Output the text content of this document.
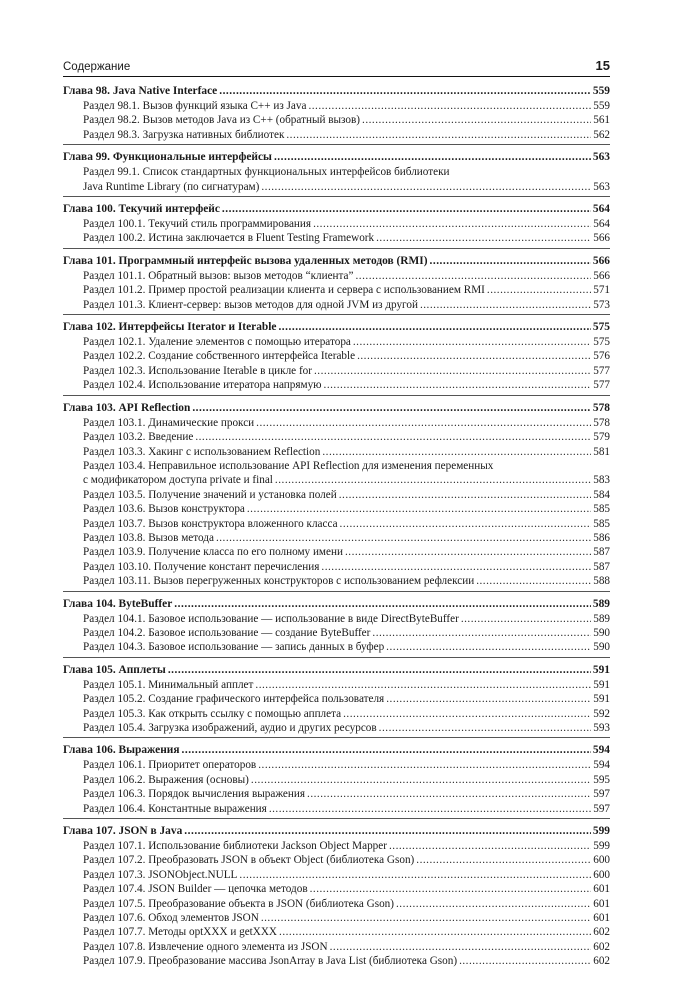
Содержание	15
Глава 98. Java Native Interface .....	559
Раздел 98.1. Вызов функций языка C++ из Java .....	559
Раздел 98.2. Вызов методов Java из C++ (обратный вызов) .....	561
Раздел 98.3. Загрузка нативных библиотек .....	562
Глава 99. Функциональные интерфейсы .....	563
Раздел 99.1. Список стандартных функциональных интерфейсов библиотеки
Java Runtime Library (по сигнатурам) .....	563
Глава 100. Текучий интерфейс .....	564
Раздел 100.1. Текучий стиль программирования .....	564
Раздел 100.2. Истина заключается в Fluent Testing Framework .....	566
Глава 101. Программный интерфейс вызова удаленных методов (RMI) .....	566
Раздел 101.1. Обратный вызов: вызов методов “клиента” .....	566
Раздел 101.2. Пример простой реализации клиента и сервера с использованием RMI .....	571
Раздел 101.3. Клиент-сервер: вызов методов для одной JVM из другой .....	573
Глава 102. Интерфейсы Iterator и Iterable .....	575
Раздел 102.1. Удаление элементов с помощью итератора .....	575
Раздел 102.2. Создание собственного интерфейса Iterable .....	576
Раздел 102.3. Использование Iterable в цикле for .....	577
Раздел 102.4. Использование итератора напрямую .....	577
Глава 103. API Reflection .....	578
Раздел 103.1. Динамические прокси .....	578
Раздел 103.2. Введение .....	579
Раздел 103.3. Хакинг с использованием Reflection .....	581
Раздел 103.4. Неправильное использование API Reflection для изменения переменных
с модификатором доступа private и final .....	583
Раздел 103.5. Получение значений и установка полей .....	584
Раздел 103.6. Вызов конструктора .....	585
Раздел 103.7. Вызов конструктора вложенного класса .....	585
Раздел 103.8. Вызов метода .....	586
Раздел 103.9. Получение класса по его полному имени .....	587
Раздел 103.10. Получение констант перечисления .....	587
Раздел 103.11. Вызов перегруженных конструкторов с использованием рефлексии .....	588
Глава 104. ByteBuffer .....	589
Раздел 104.1. Базовое использование — использование в виде DirectByteBuffer .....	589
Раздел 104.2. Базовое использование — создание ByteBuffer .....	590
Раздел 104.3. Базовое использование — запись данных в буфер .....	590
Глава 105. Апплеты .....	591
Раздел 105.1. Минимальный апплет .....	591
Раздел 105.2. Создание графического интерфейса пользователя .....	591
Раздел 105.3. Как открыть ссылку с помощью апплета .....	592
Раздел 105.4. Загрузка изображений, аудио и других ресурсов .....	593
Глава 106. Выражения .....	594
Раздел 106.1. Приоритет операторов .....	594
Раздел 106.2. Выражения (основы) .....	595
Раздел 106.3. Порядок вычисления выражения .....	597
Раздел 106.4. Константные выражения .....	597
Глава 107. JSON в Java .....	599
Раздел 107.1. Использование библиотеки Jackson Object Mapper .....	599
Раздел 107.2. Преобразовать JSON в объект Object (библиотека Gson) .....	600
Раздел 107.3. JSONObject.NULL .....	600
Раздел 107.4. JSON Builder — цепочка методов .....	601
Раздел 107.5. Преобразование объекта в JSON (библиотека Gson) .....	601
Раздел 107.6. Обход элементов JSON .....	601
Раздел 107.7. Методы optXXX и getXXX .....	602
Раздел 107.8. Извлечение одного элемента из JSON .....	602
Раздел 107.9. Преобразование массива JsonArray в Java List (библиотека Gson) .....	602
